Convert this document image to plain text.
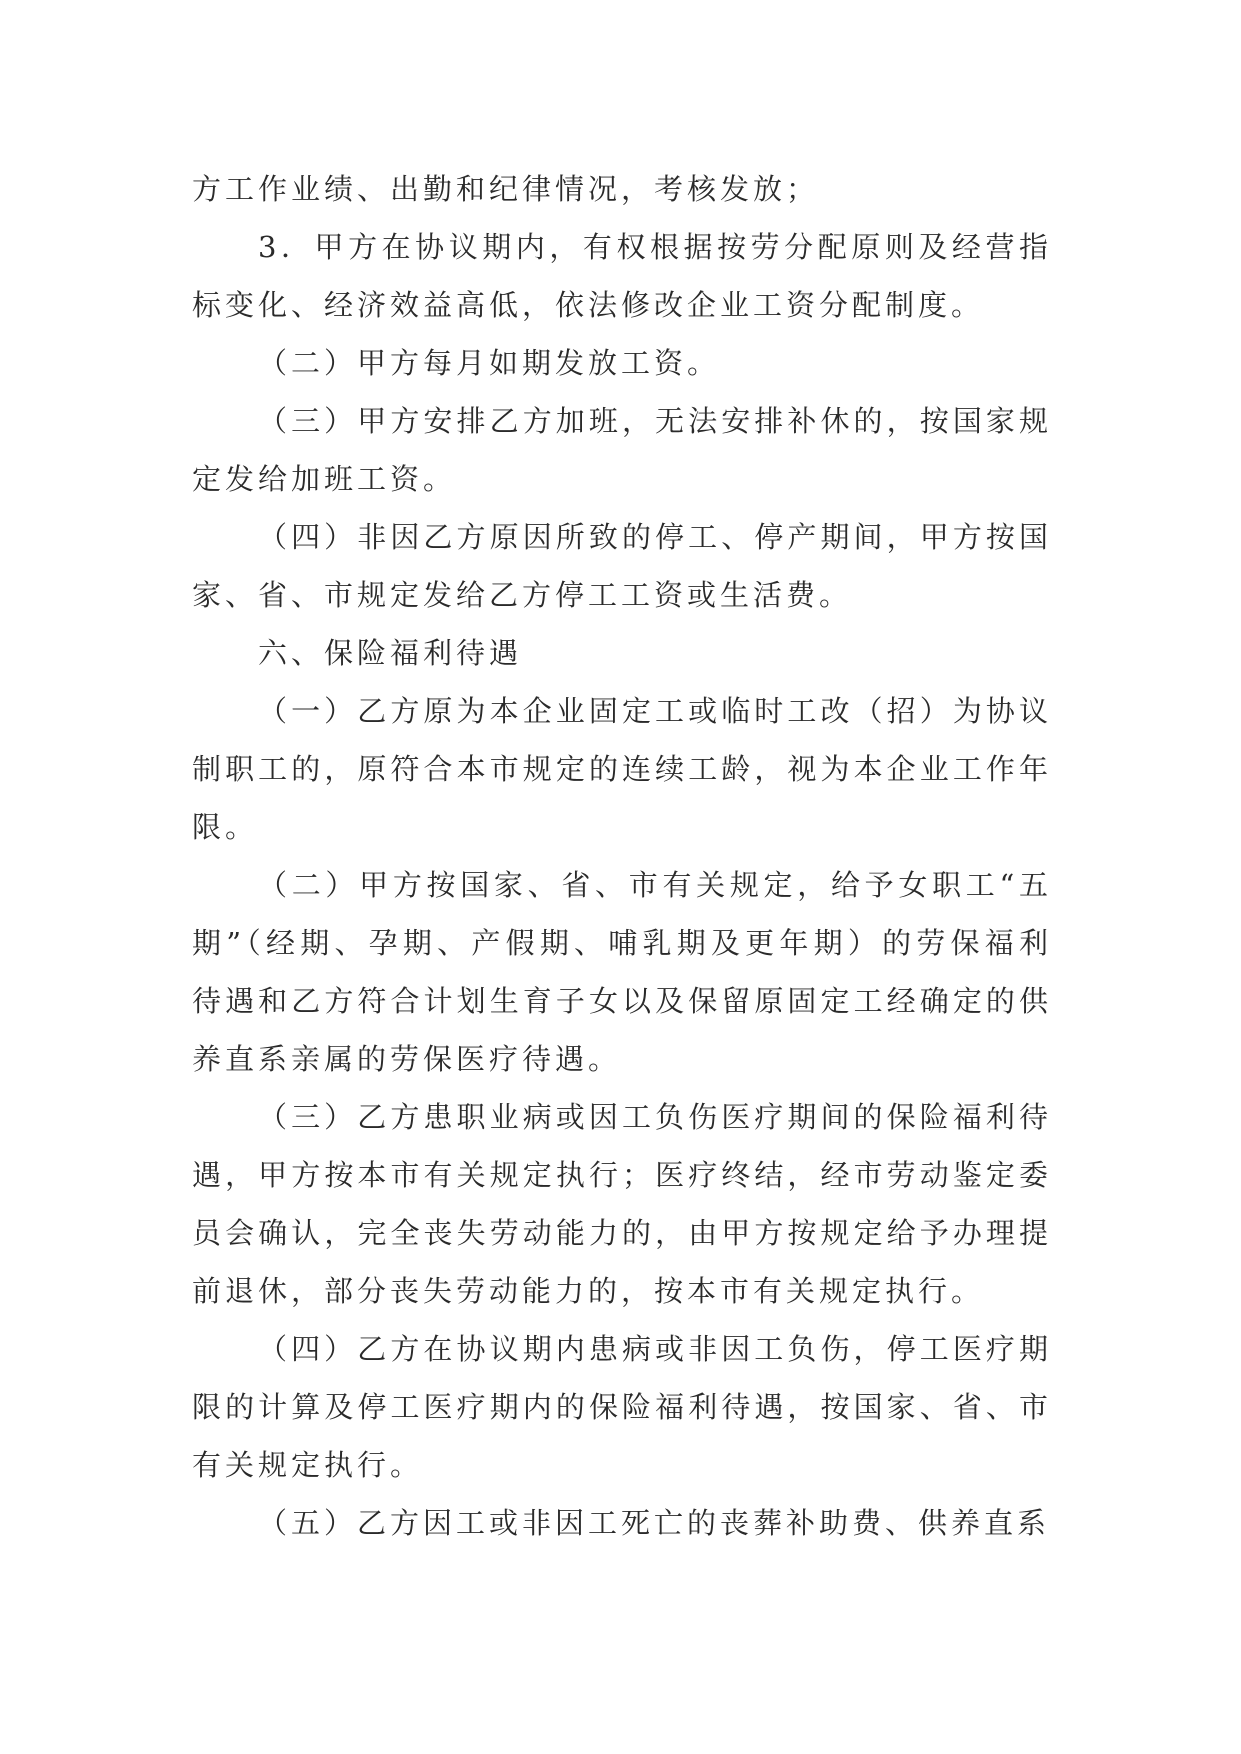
方工作业绩、出勤和纪律情况，考核发放；

3．甲方在协议期内，有权根据按劳分配原则及经营指标变化、经济效益高低，依法修改企业工资分配制度。

（二）甲方每月如期发放工资。

（三）甲方安排乙方加班，无法安排补休的，按国家规定发给加班工资。

（四）非因乙方原因所致的停工、停产期间，甲方按国家、省、市规定发给乙方停工工资或生活费。

六、保险福利待遇

（一）乙方原为本企业固定工或临时工改（招）为协议制职工的，原符合本市规定的连续工龄，视为本企业工作年限。

（二）甲方按国家、省、市有关规定，给予女职工“五期”（经期、孕期、产假期、哺乳期及更年期）的劳保福利待遇和乙方符合计划生育子女以及保留原固定工经确定的供养直系亲属的劳保医疗待遇。

（三）乙方患职业病或因工负伤医疗期间的保险福利待遇，甲方按本市有关规定执行；医疗终结，经市劳动鉴定委员会确认，完全丧失劳动能力的，由甲方按规定给予办理提前退休，部分丧失劳动能力的，按本市有关规定执行。

（四）乙方在协议期内患病或非因工负伤，停工医疗期限的计算及停工医疗期内的保险福利待遇，按国家、省、市有关规定执行。

（五）乙方因工或非因工死亡的丧葬补助费、供养直系
